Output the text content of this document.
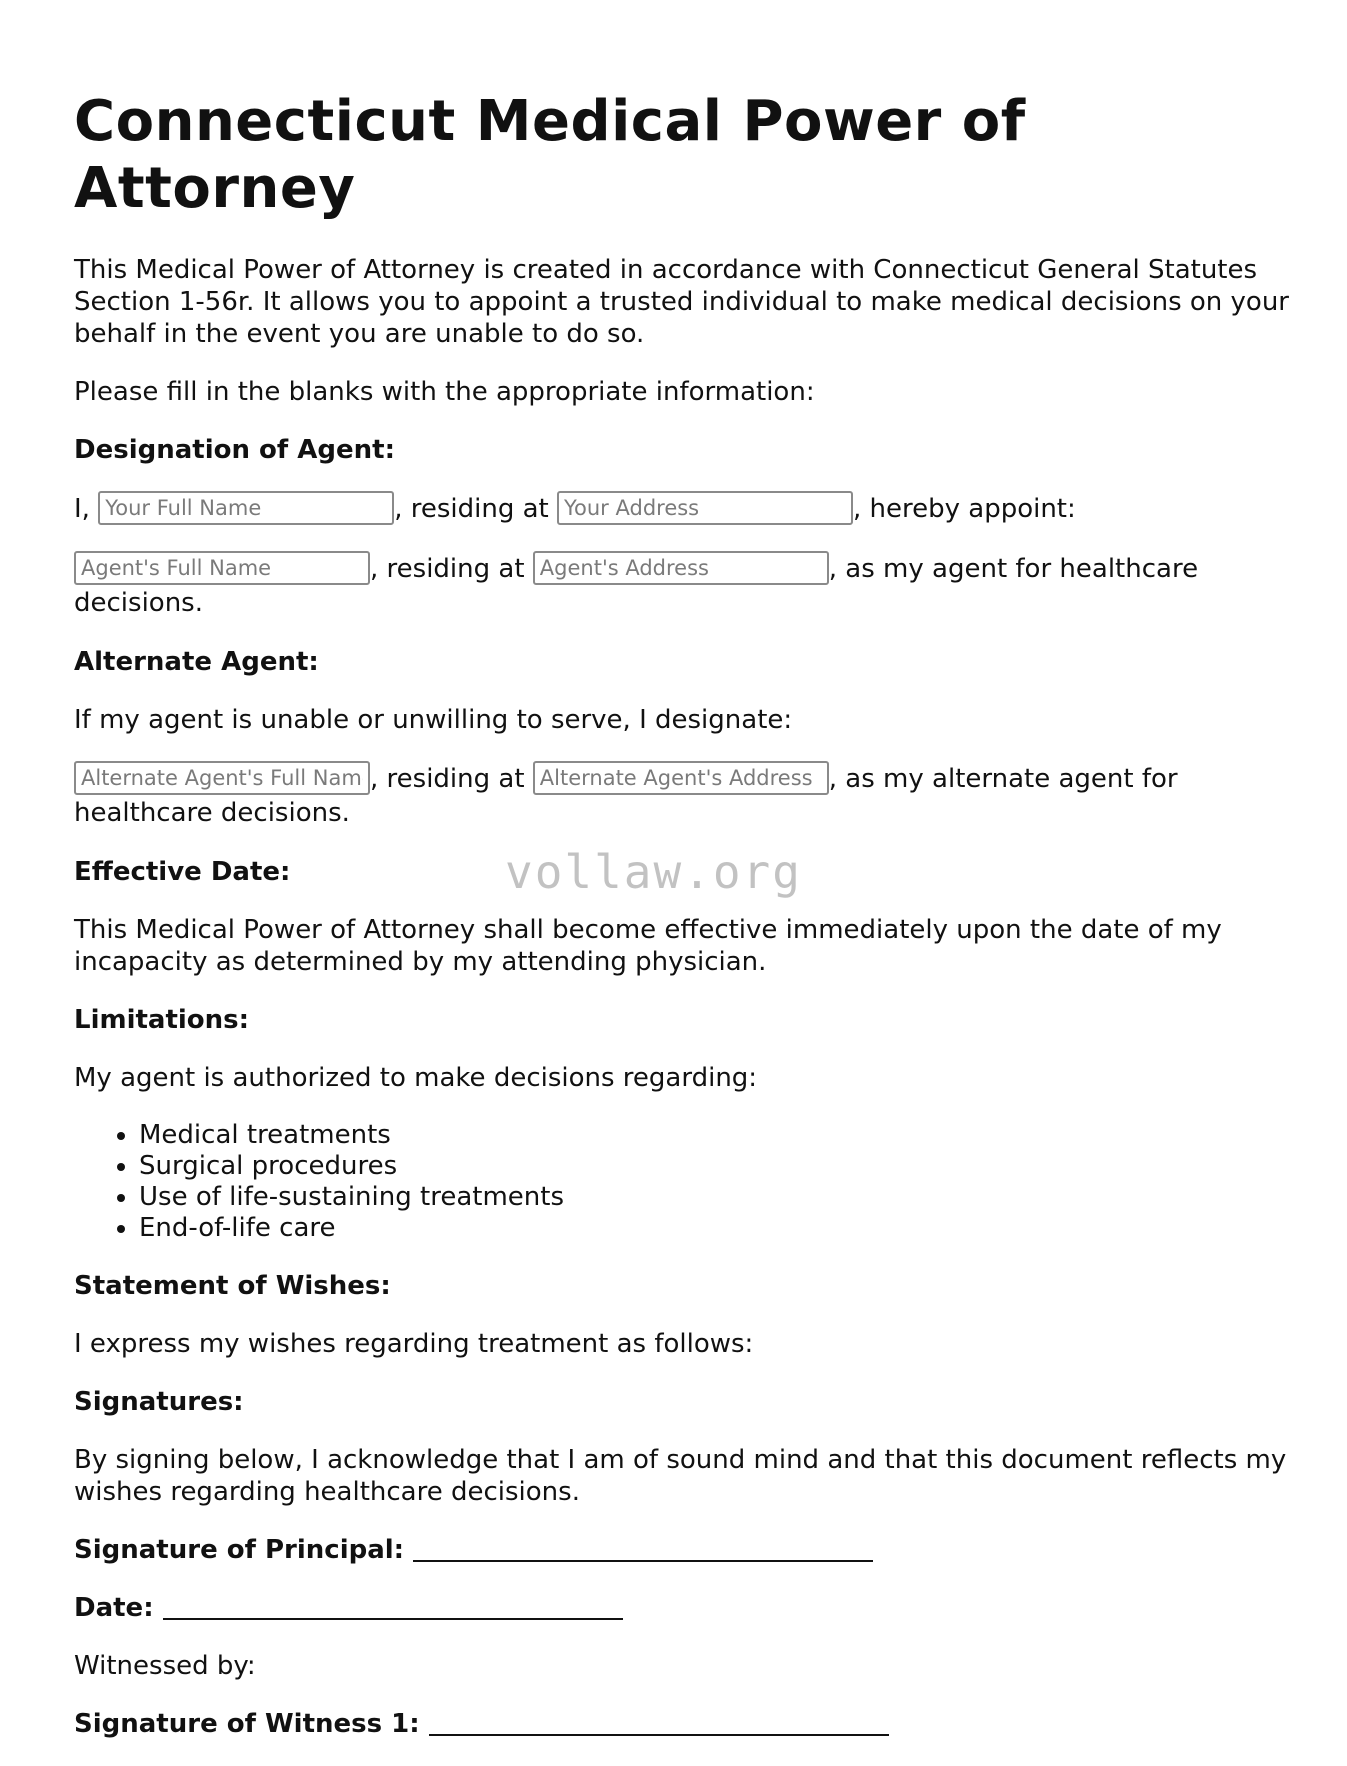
Connecticut Medical Power of Attorney

This Medical Power of Attorney is created in accordance with Connecticut General Statutes Section 1-56r. It allows you to appoint a trusted individual to make medical decisions on your behalf in the event you are unable to do so.

Please fill in the blanks with the appropriate information:

Designation of Agent:

I, Your Full Name	, residing at Your Address	, hereby appoint:

Agent's Full Name, residing at Agent's Address	, as my agent for healthcare decisions.

Alternate Agent:

If my agent is unable or unwilling to serve, I designate:

Alternate Agent's Full Name, residing at Alternate Agent's Address	, as my alternate agent for healthcare decisions.

Effective Date:

This Medical Power of Attorney shall become effective immediately upon the date of my incapacity as determined by my attending physician.

Limitations:

My agent is authorized to make decisions regarding:

• Medical treatments
• Surgical procedures
• Use of life-sustaining treatments
• End-of-life care

Statement of Wishes:

I express my wishes regarding treatment as follows:

Signatures:

By signing below, I acknowledge that I am of sound mind and that this document reflects my wishes regarding healthcare decisions.

Signature of Principal:

Date:

Witnessed by:

Signature of Witness 1:

vollaw.org
